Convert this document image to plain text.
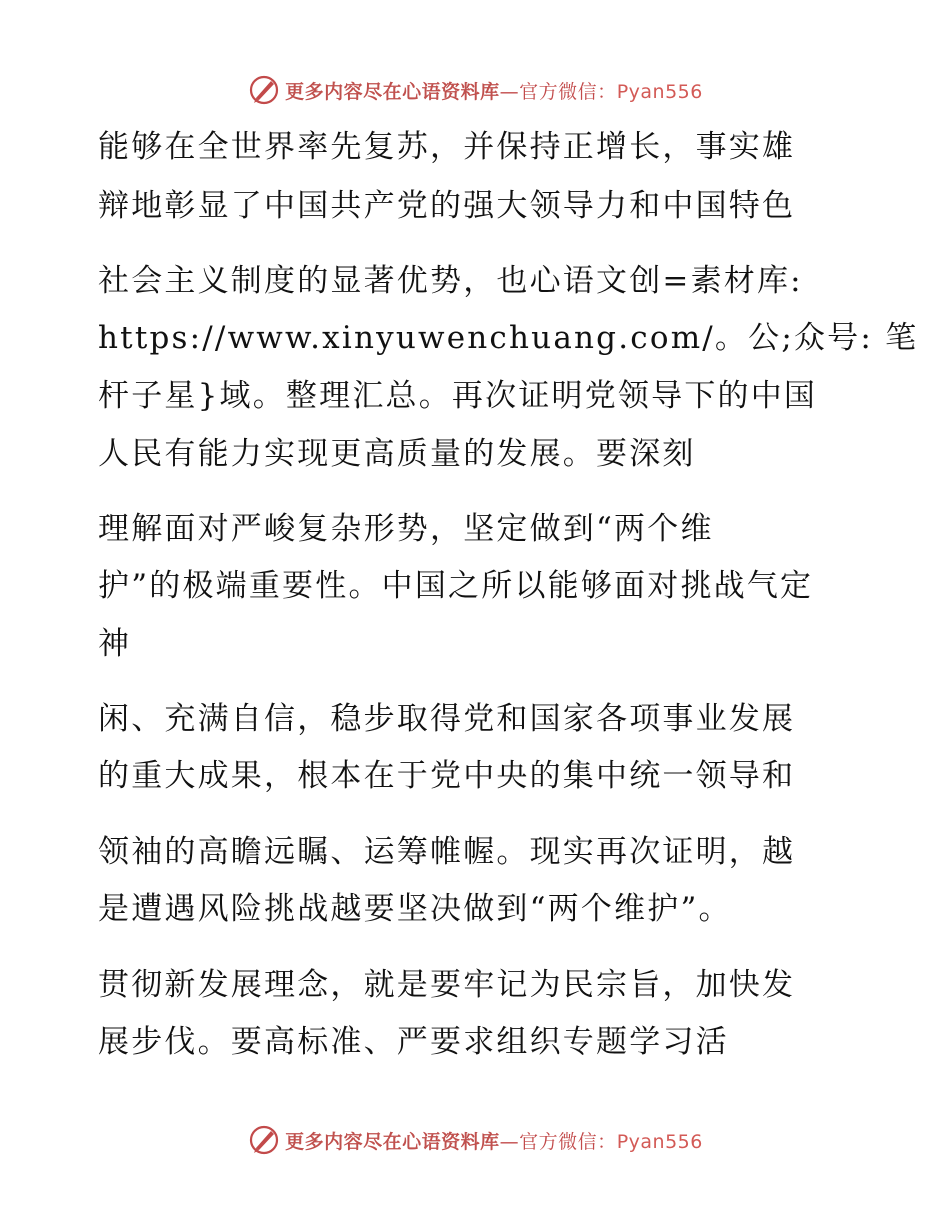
更多内容尽在心语资料库—官方微信：Pyan556
能够在全世界率先复苏，并保持正增长，事实雄
辩地彰显了中国共产党的强大领导力和中国特色
社会主义制度的显著优势，也心语文创=素材库:
https://www.xinyuwenchuang.com/。公;众号: 笔
杆子星}域。整理汇总。再次证明党领导下的中国
人民有能力实现更高质量的发展。要深刻
理解面对严峻复杂形势，坚定做到“两个维
护”的极端重要性。中国之所以能够面对挑战气定
神
闲、充满自信，稳步取得党和国家各项事业发展
的重大成果，根本在于党中央的集中统一领导和
领袖的高瞻远瞩、运筹帷幄。现实再次证明，越
是遭遇风险挑战越要坚决做到“两个维护”。
贯彻新发展理念，就是要牢记为民宗旨，加快发
展步伐。要高标准、严要求组织专题学习活
更多内容尽在心语资料库—官方微信：Pyan556
